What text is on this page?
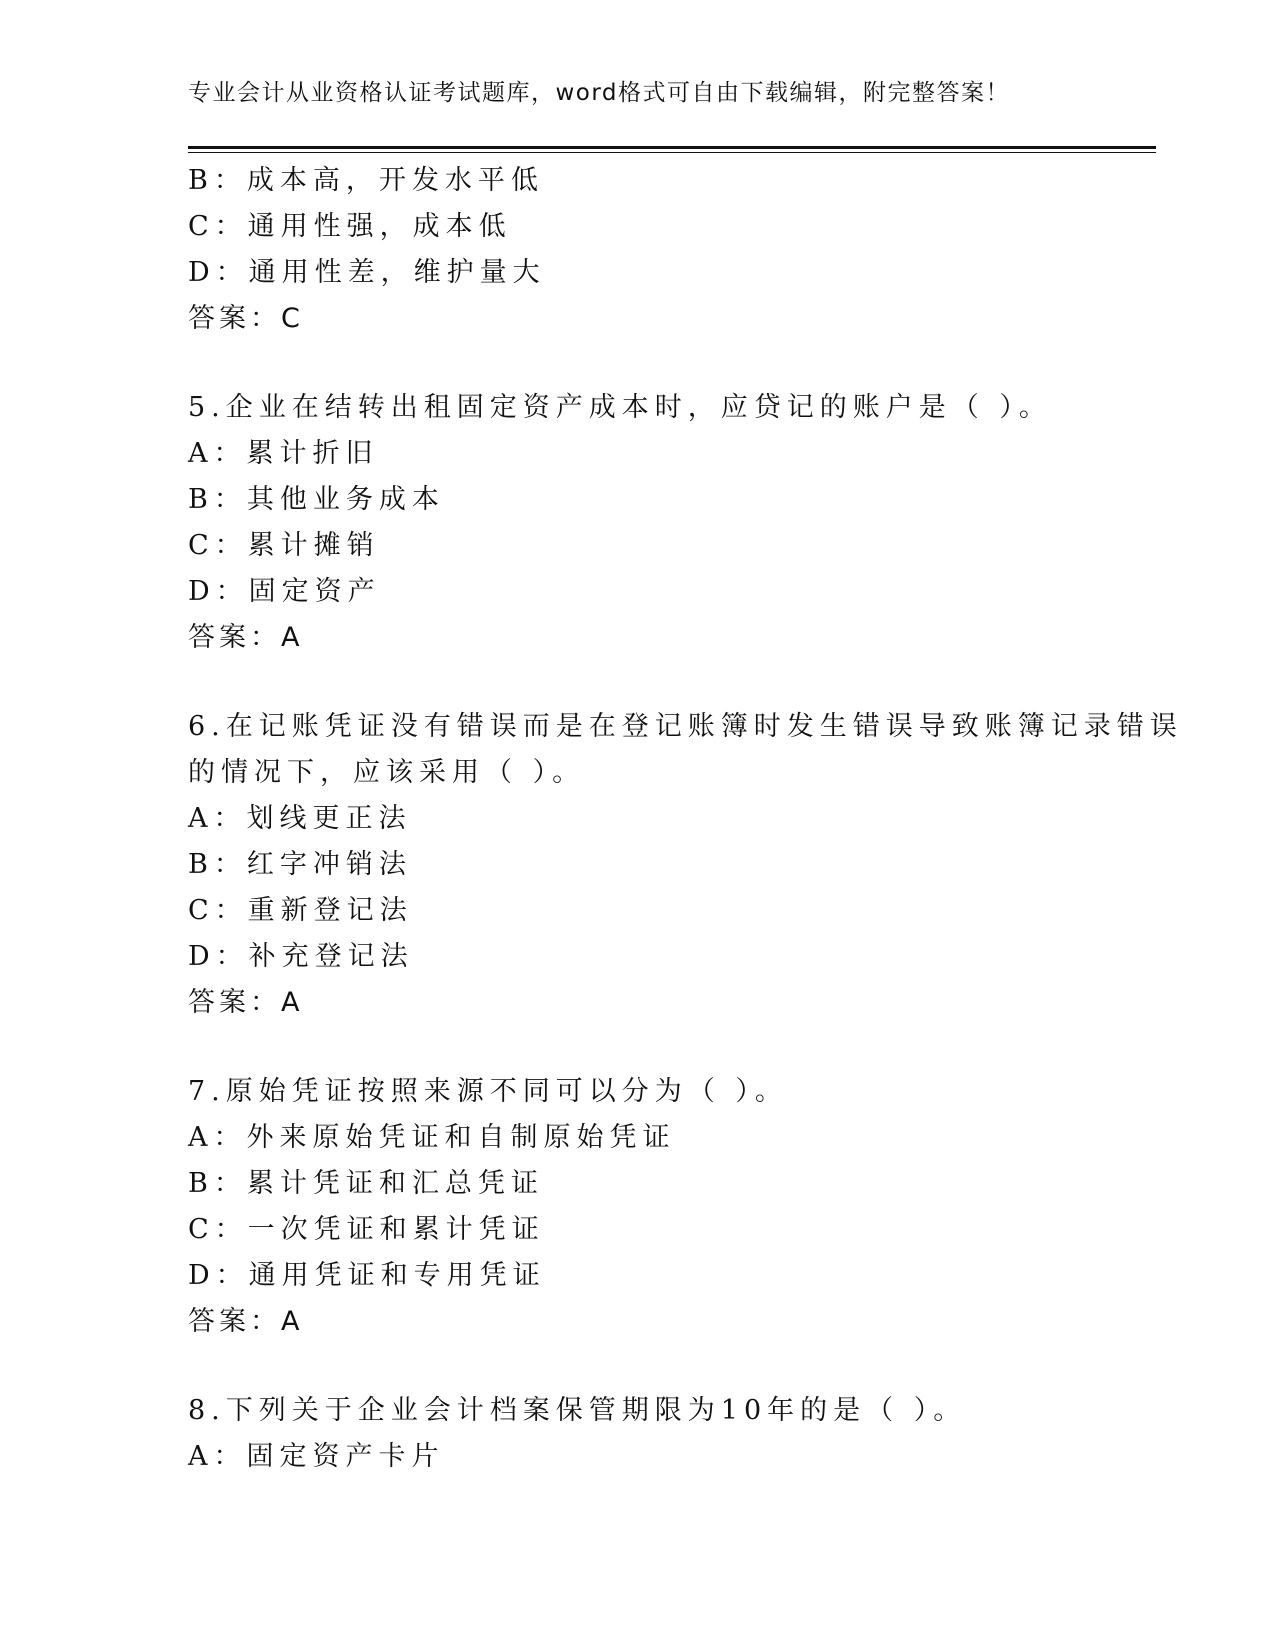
专业会计从业资格认证考试题库，word格式可自由下载编辑，附完整答案！
B：成本高，开发水平低
C：通用性强，成本低
D：通用性差，维护量大
答案：C
5.企业在结转出租固定资产成本时，应贷记的账户是（ ）。
A：累计折旧
B：其他业务成本
C：累计摊销
D：固定资产
答案：A
6.在记账凭证没有错误而是在登记账簿时发生错误导致账簿记录错误
的情况下，应该采用（ ）。
A：划线更正法
B：红字冲销法
C：重新登记法
D：补充登记法
答案：A
7.原始凭证按照来源不同可以分为（ ）。
A：外来原始凭证和自制原始凭证
B：累计凭证和汇总凭证
C：一次凭证和累计凭证
D：通用凭证和专用凭证
答案：A
8.下列关于企业会计档案保管期限为10年的是（ ）。
A：固定资产卡片
